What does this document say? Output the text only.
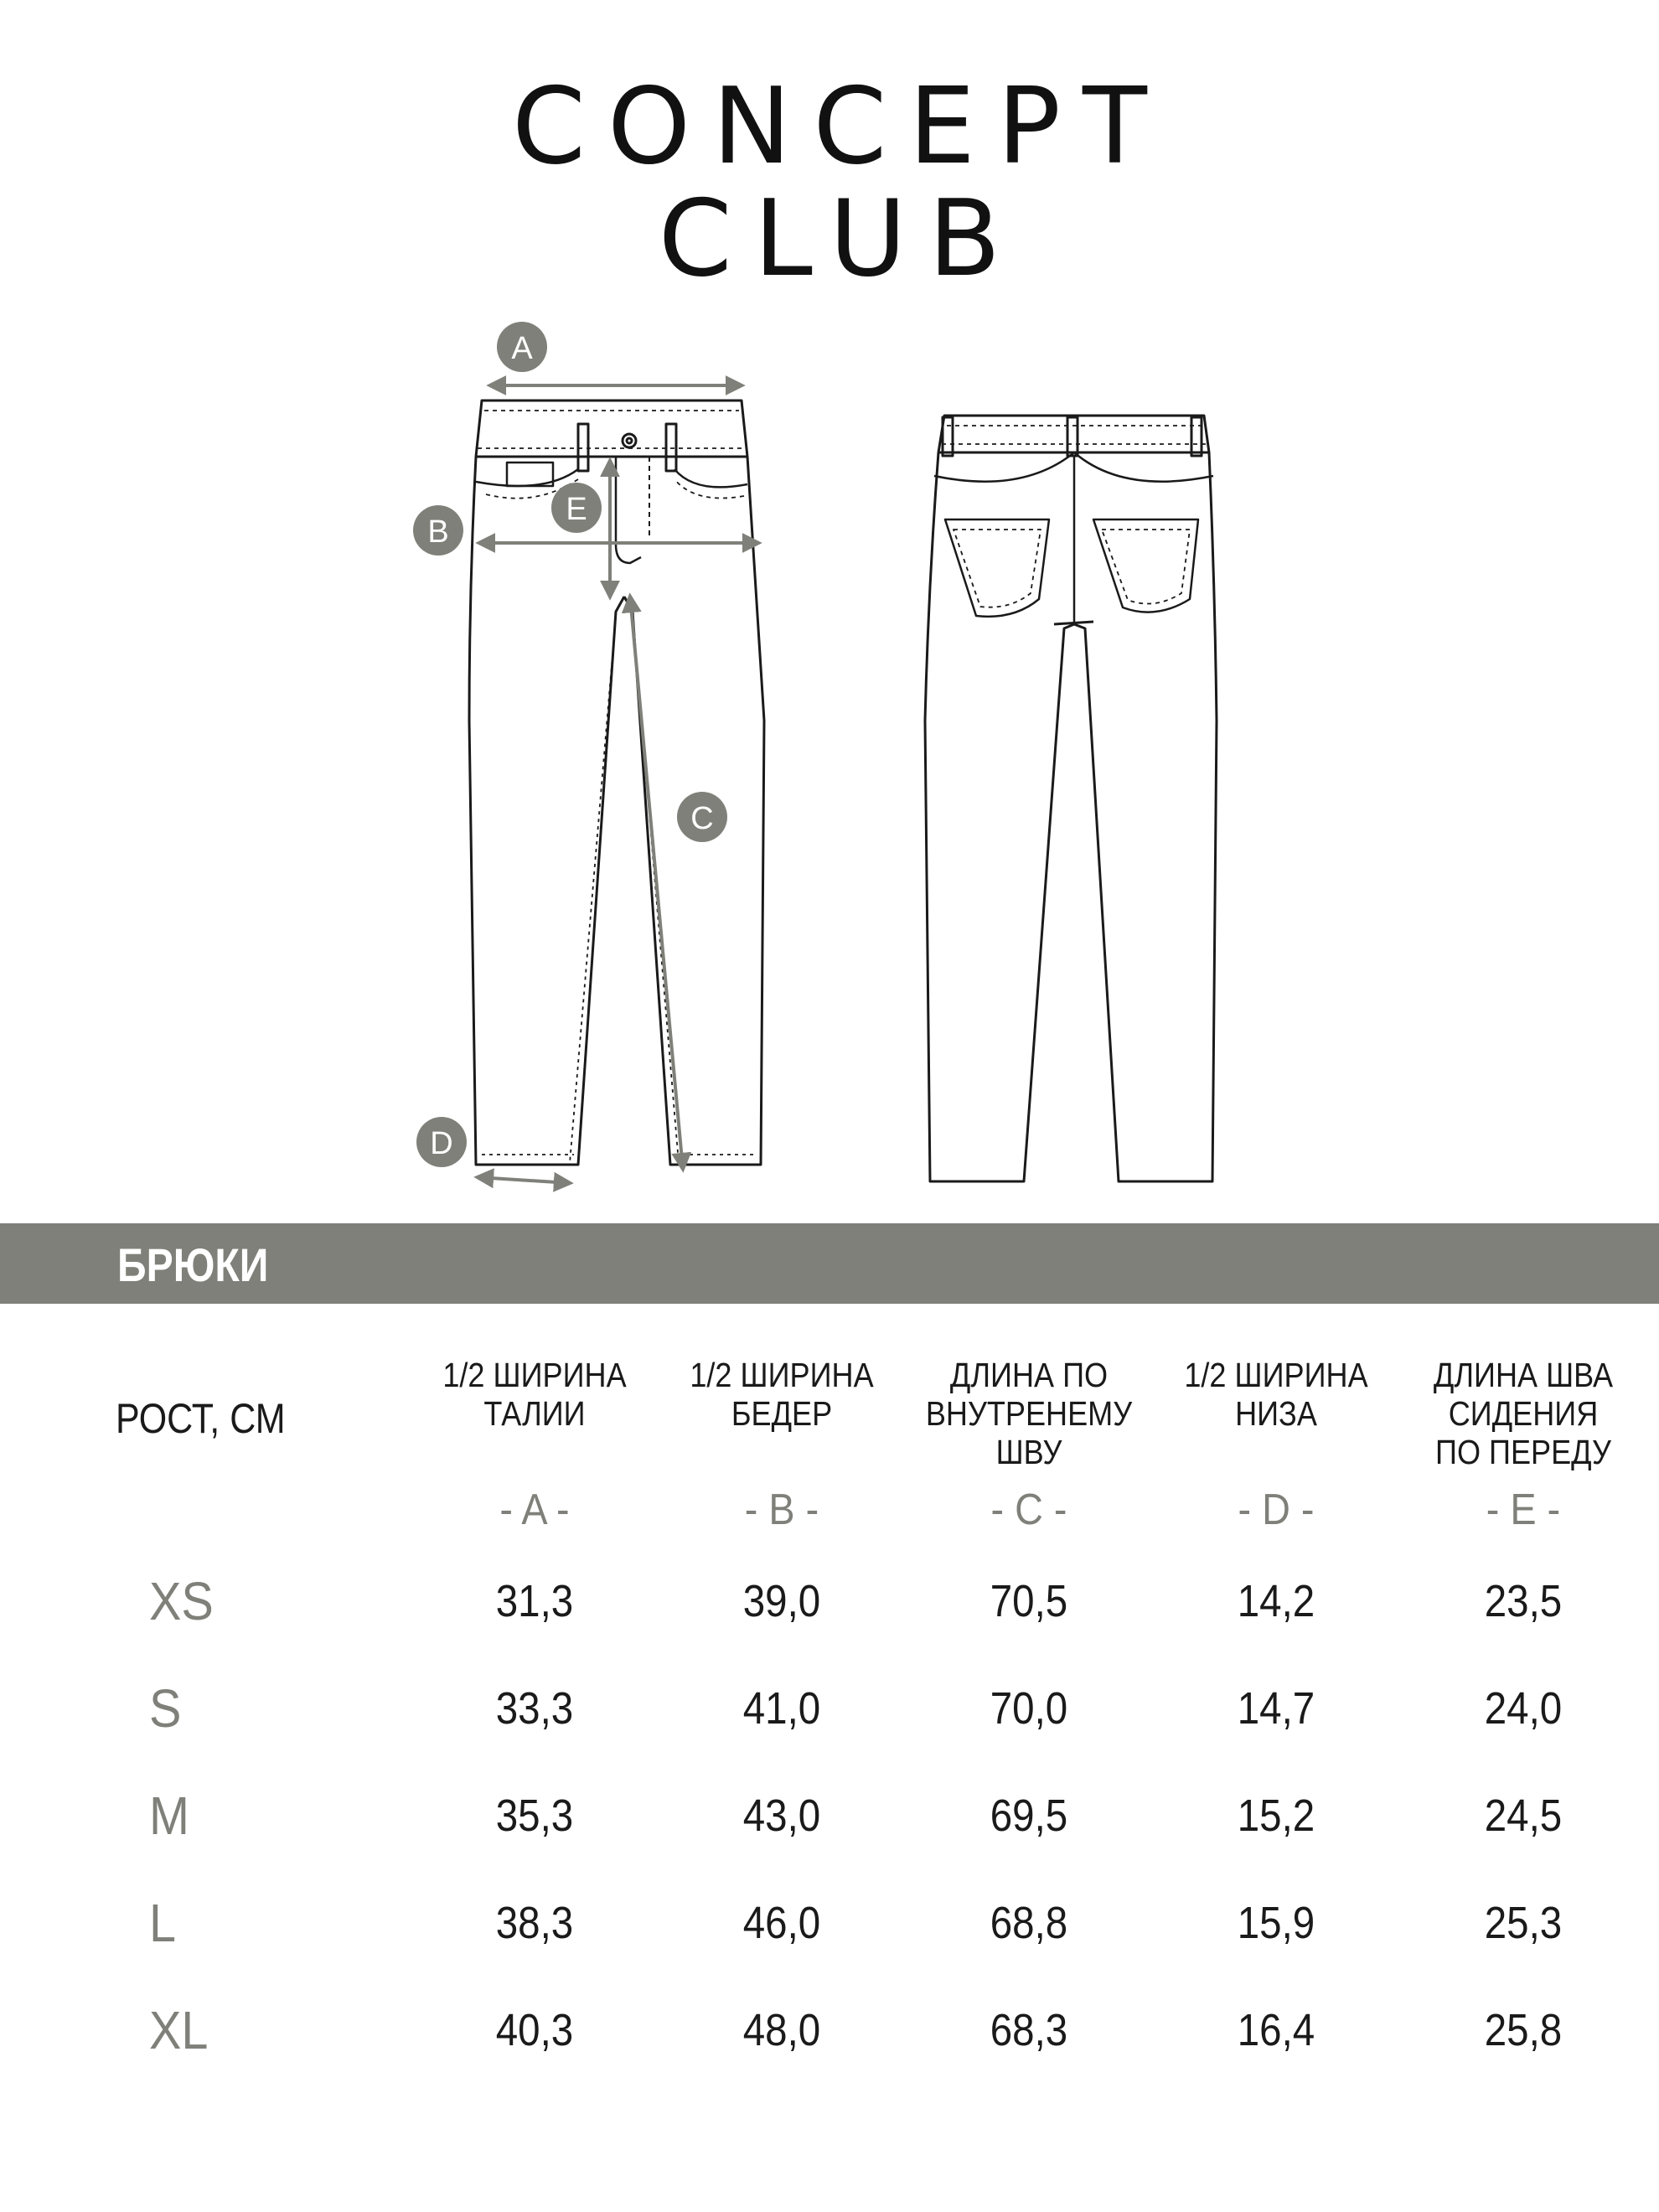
CONCEPT
CLUB
A
B
E
C
D
БРЮКИ
РОСТ, СМ
1/2 ШИРИНА
ТАЛИИ
- A -
1/2 ШИРИНА
БЕДЕР
- B -
ДЛИНА ПО
ВНУТРЕНЕМУ
ШВУ
- C -
1/2 ШИРИНА
НИЗА
- D -
ДЛИНА ШВА
СИДЕНИЯ
ПО ПЕРЕДУ
- E -
XS	31,3	39,0	70,5	14,2	23,5
S	33,3	41,0	70,0	14,7	24,0
M	35,3	43,0	69,5	15,2	24,5
L	38,3	46,0	68,8	15,9	25,3
XL	40,3	48,0	68,3	16,4	25,8
